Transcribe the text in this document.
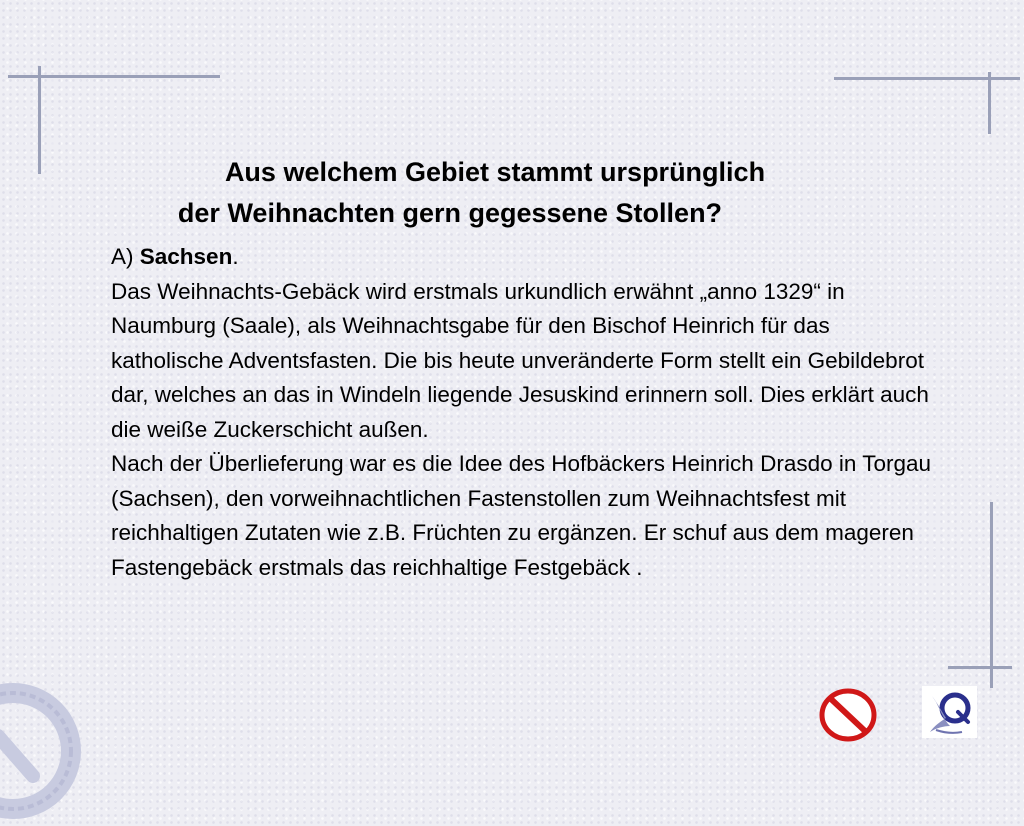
Aus welchem Gebiet stammt ursprünglich
der Weihnachten gern gegessene Stollen?

A) Sachsen.

Das Weihnachts-Gebäck wird erstmals urkundlich erwähnt „anno 1329“ in Naumburg (Saale), als Weihnachtsgabe für den Bischof Heinrich für das katholische Adventsfasten. Die bis heute unveränderte Form stellt ein Gebildebrot dar, welches an das in Windeln liegende Jesuskind erinnern soll. Dies erklärt auch die weiße Zuckerschicht außen.

Nach der Überlieferung war es die Idee des Hofbäckers Heinrich Drasdo in Torgau (Sachsen), den vorweihnachtlichen Fastenstollen zum Weihnachtsfest mit reichhaltigen Zutaten wie z.B. Früchten zu ergänzen. Er schuf aus dem mageren Fastengebäck erstmals das reichhaltige Festgebäck .
